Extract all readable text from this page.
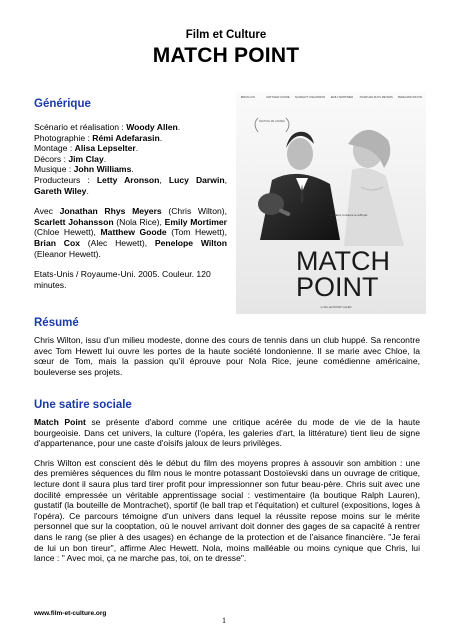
Film et Culture
MATCH POINT
Générique

Scénario et réalisation : Woody Allen.
Photographie : Rémi Adefarasin.
Montage : Alisa Lepselter.
Décors : Jim Clay.
Musique : John Williams.

Producteurs : Letty Aronson, Lucy Darwin, Gareth Wiley.

Avec Jonathan Rhys Meyers (Chris Wilton), Scarlett Johansson (Nola Rice), Emily Mortimer (Chloe Hewett), Matthew Goode (Tom Hewett), Brian Cox (Alec Hewett), Penelope Wilton (Eleanor Hewett).

Etats-Unis / Royaume-Uni. 2005. Couleur. 120 minutes.

BRIAN COX	MATTHEW GOODE SCARLETT JOHANSSON EMILY MORTIMER JONATHAN RHYS MEYERS PENELOPE WILTON
FESTIVAL DE CANNES
Sans talent, la chance ne suffit pas
MATCH
POINT
un film de WOODY ALLEN
Résumé

Chris Wilton, issu d'un milieu modeste, donne des cours de tennis dans un club huppé. Sa rencontre avec Tom Hewett lui ouvre les portes de la haute société londonienne. Il se marie avec Chloe, la sœur de Tom, mais la passion qu'il éprouve pour Nola Rice, jeune comédienne américaine, bouleverse ses projets.

Une satire sociale

Match Point se présente d'abord comme une critique acérée du mode de vie de la haute bourgeoisie. Dans cet univers, la culture (l'opéra, les galeries d'art, la littérature) tient lieu de signe d'appartenance, pour une caste d'oisifs jaloux de leurs privilèges.

Chris Wilton est conscient dès le début du film des moyens propres à assouvir son ambition : une des premières séquences du film nous le montre potassant Dostoïevski dans un ouvrage de critique, lecture dont il saura plus tard tirer profit pour impressionner son futur beau-père. Chris suit avec une docilité empressée un véritable apprentissage social : vestimentaire (la boutique Ralph Lauren), gustatif (la bouteille de Montrachet), sportif (le ball trap et l'équitation) et culturel (expositions, loges à l'opéra). Ce parcours témoigne d'un univers dans lequel la réussite repose moins sur le mérite personnel que sur la cooptation, où le nouvel arrivant doit donner des gages de sa capacité à rentrer dans le rang (se plier à des usages) en échange de la protection et de l'aisance financière. "Je ferai de lui un bon tireur", affirme Alec Hewett. Nola, moins malléable ou moins cynique que Chris, lui lance : " Avec moi, ça ne marche pas, toi, on te dresse".

www.film-et-culture.org
1
